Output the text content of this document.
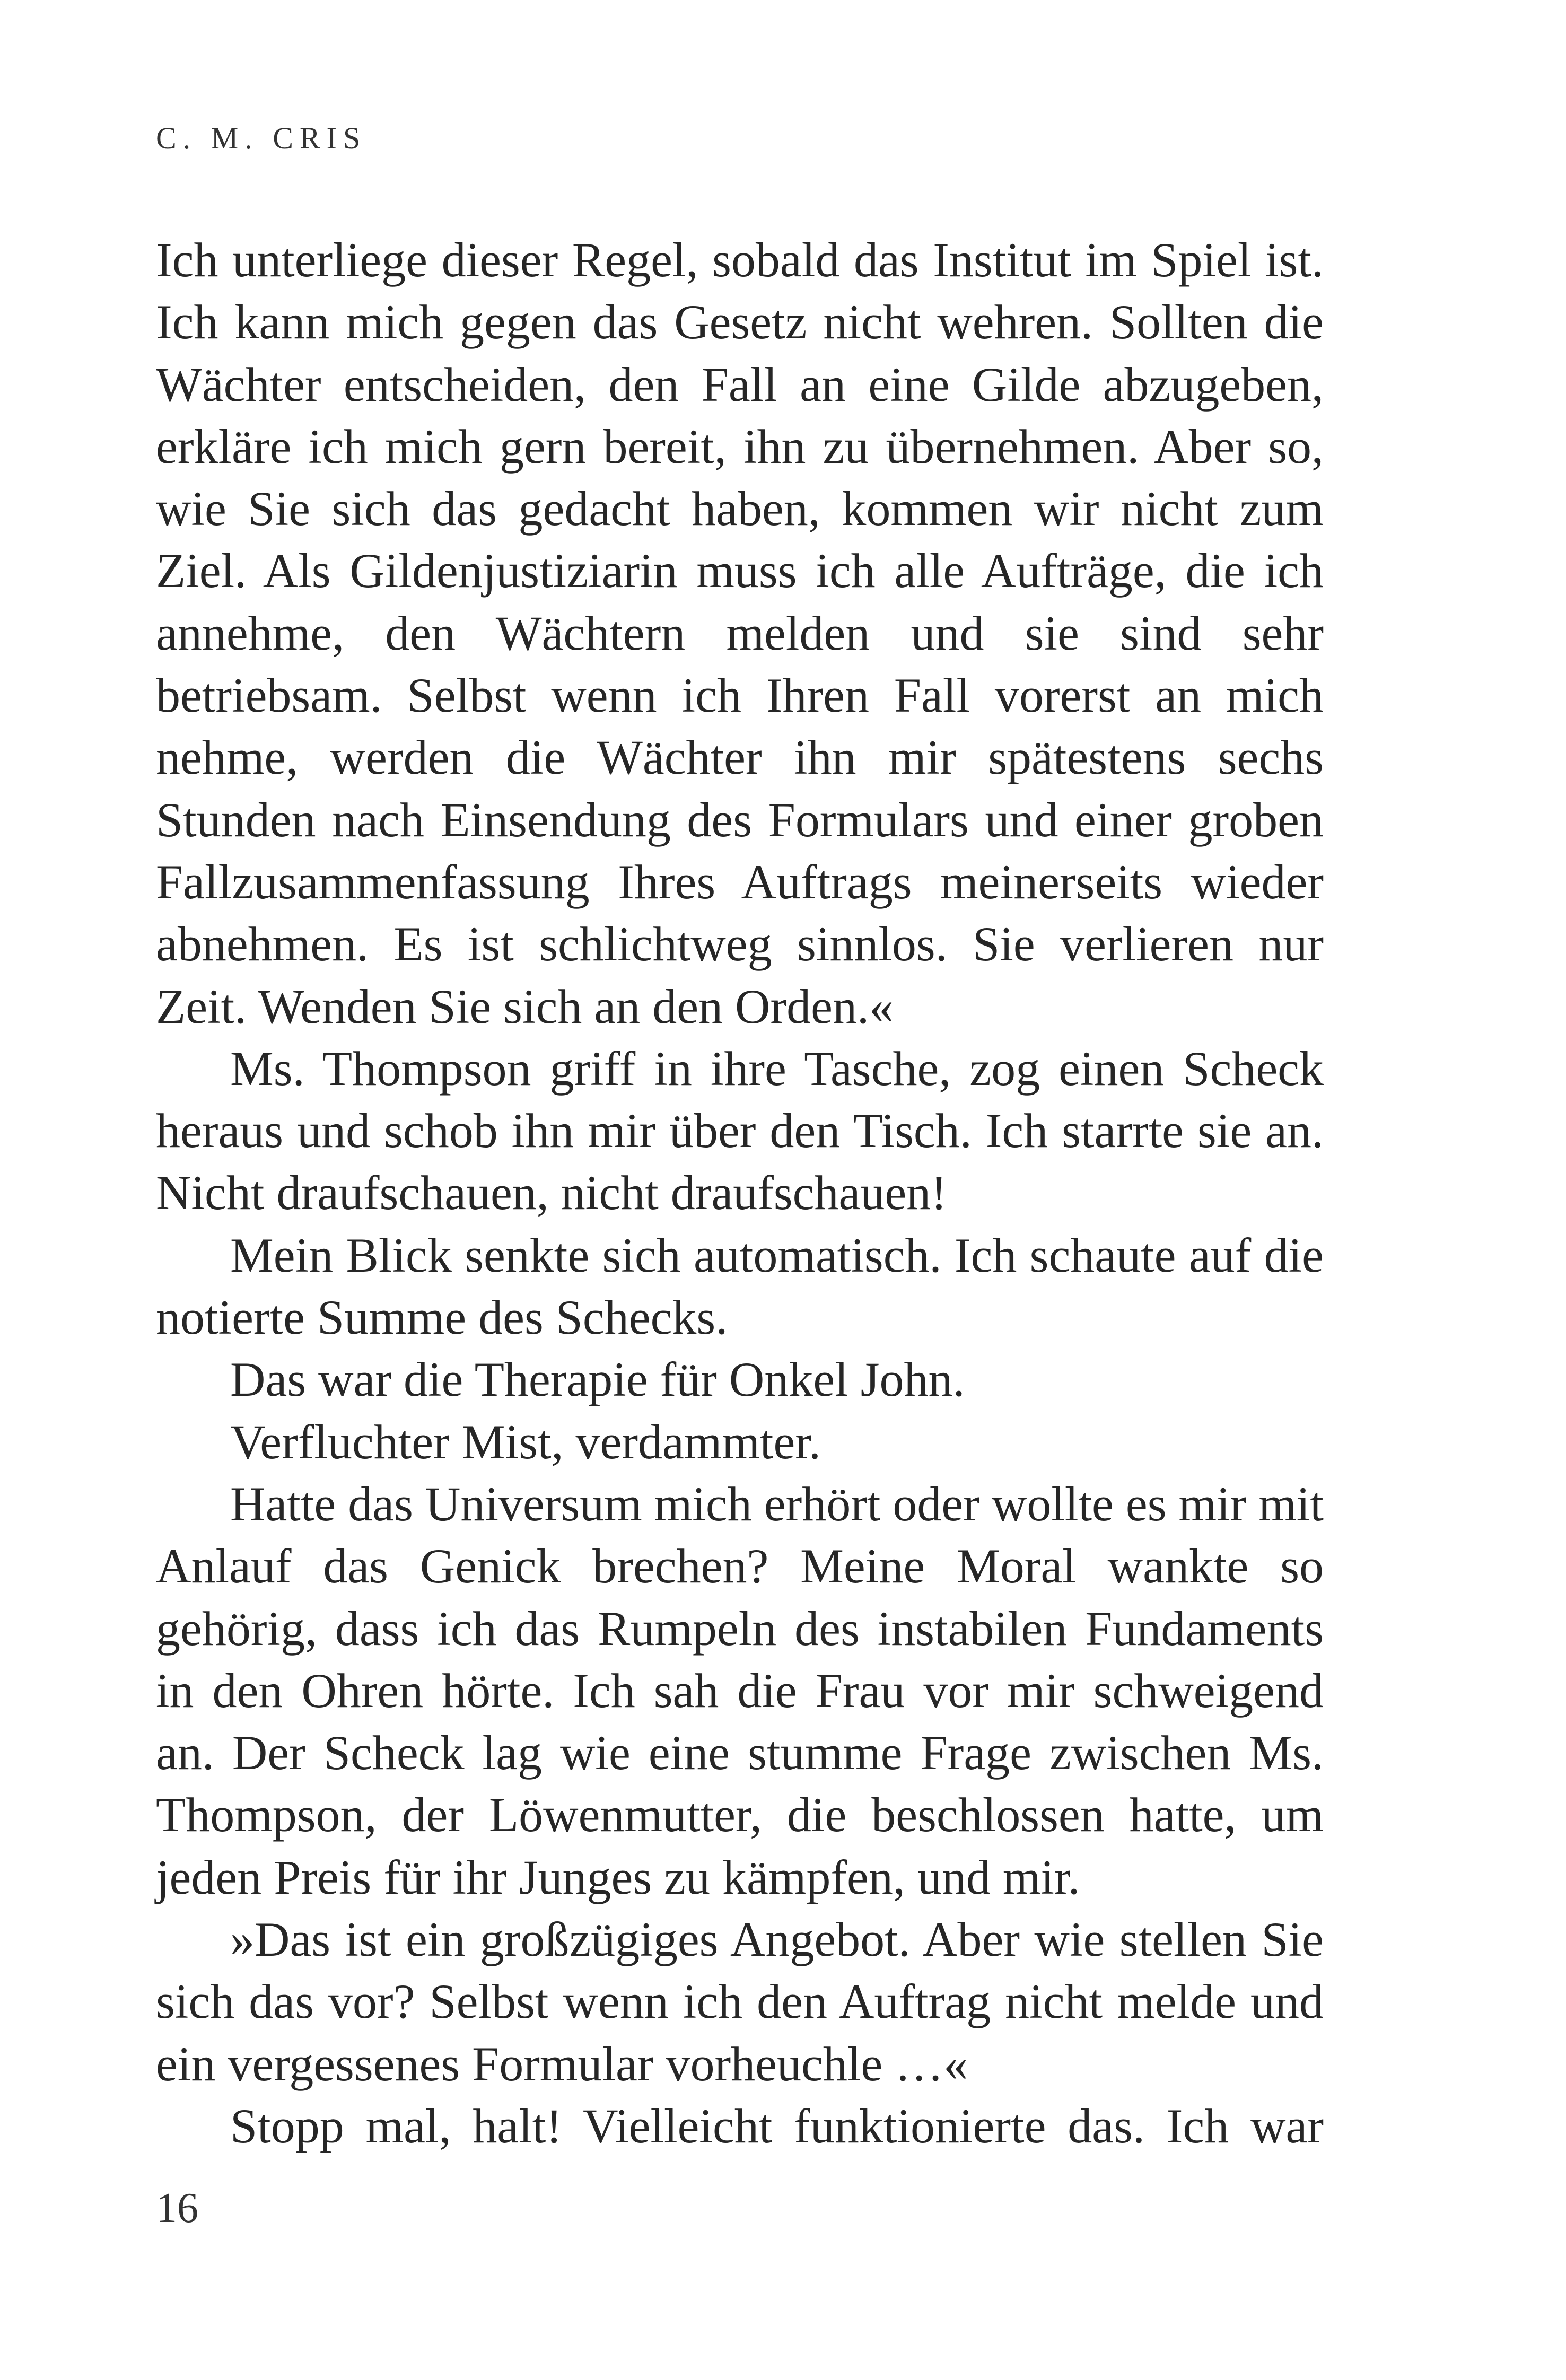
C. M. CRIS

Ich unterliege dieser Regel, sobald das Institut im Spiel ist. Ich kann mich gegen das Gesetz nicht wehren. Sollten die Wächter entscheiden, den Fall an eine Gilde abzugeben, erkläre ich mich gern bereit, ihn zu übernehmen. Aber so, wie Sie sich das gedacht haben, kommen wir nicht zum Ziel. Als Gildenjustiziarin muss ich alle Aufträge, die ich annehme, den Wächtern melden und sie sind sehr betriebsam. Selbst wenn ich Ihren Fall vorerst an mich nehme, werden die Wächter ihn mir spätestens sechs Stunden nach Einsendung des Formulars und einer groben Fallzusammenfassung Ihres Auftrags meinerseits wieder abnehmen. Es ist schlichtweg sinnlos. Sie verlieren nur Zeit. Wenden Sie sich an den Orden.«

Ms. Thompson griff in ihre Tasche, zog einen Scheck heraus und schob ihn mir über den Tisch. Ich starrte sie an. Nicht draufschauen, nicht draufschauen!

Mein Blick senkte sich automatisch. Ich schaute auf die notierte Summe des Schecks.

Das war die Therapie für Onkel John.

Verfluchter Mist, verdammter.

Hatte das Universum mich erhört oder wollte es mir mit Anlauf das Genick brechen? Meine Moral wankte so gehörig, dass ich das Rumpeln des instabilen Fundaments in den Ohren hörte. Ich sah die Frau vor mir schweigend an. Der Scheck lag wie eine stumme Frage zwischen Ms. Thompson, der Löwenmutter, die beschlossen hatte, um jeden Preis für ihr Junges zu kämpfen, und mir.

»Das ist ein großzügiges Angebot. Aber wie stellen Sie sich das vor? Selbst wenn ich den Auftrag nicht melde und ein vergessenes Formular vorheuchle …«

Stopp mal, halt! Vielleicht funktionierte das. Ich war

16
